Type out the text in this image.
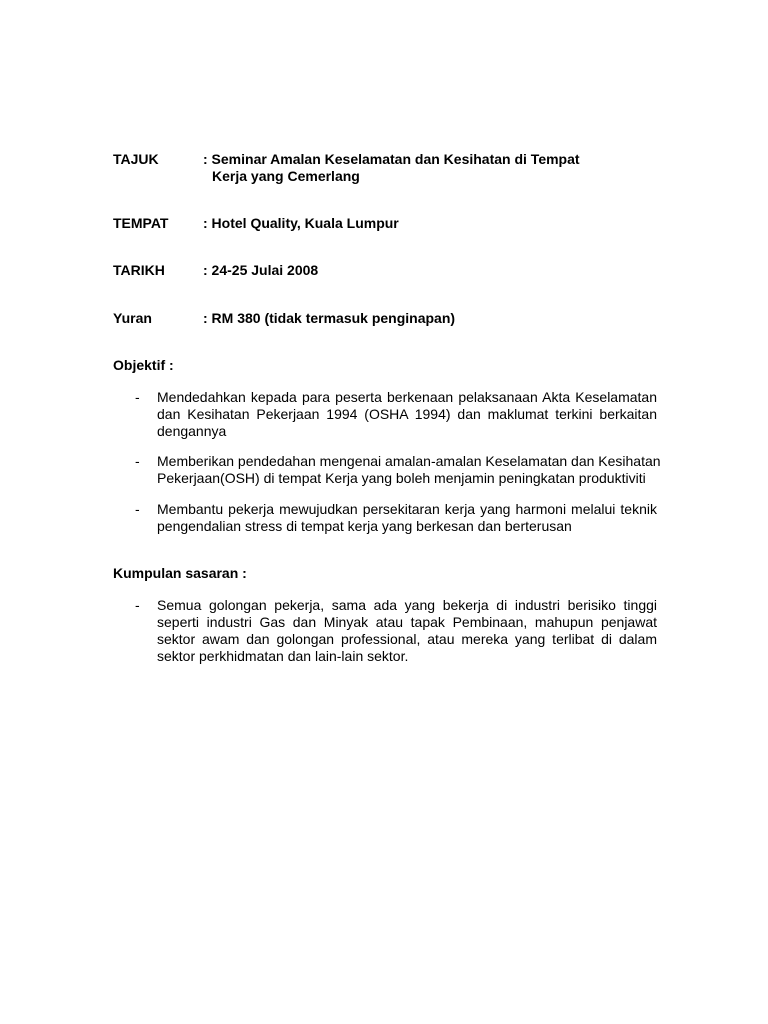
TAJUK	: Seminar Amalan Keselamatan dan Kesihatan di Tempat
Kerja yang Cemerlang
TEMPAT	: Hotel Quality, Kuala Lumpur
TARIKH	: 24-25 Julai 2008
Yuran	: RM 380 (tidak termasuk penginapan)
Objektif :
- Mendedahkan kepada para peserta berkenaan pelaksanaan Akta Keselamatan
dan Kesihatan Pekerjaan 1994 (OSHA 1994) dan maklumat terkini berkaitan
dengannya
- Memberikan pendedahan mengenai amalan-amalan Keselamatan dan Kesihatan
Pekerjaan(OSH) di tempat Kerja yang boleh menjamin peningkatan produktiviti
- Membantu pekerja mewujudkan persekitaran kerja yang harmoni melalui teknik
pengendalian stress di tempat kerja yang berkesan dan berterusan
Kumpulan sasaran :
- Semua golongan pekerja, sama ada yang bekerja di industri berisiko tinggi
seperti industri Gas dan Minyak atau tapak Pembinaan, mahupun penjawat
sektor awam dan golongan professional, atau mereka yang terlibat di dalam
sektor perkhidmatan dan lain-lain sektor.
